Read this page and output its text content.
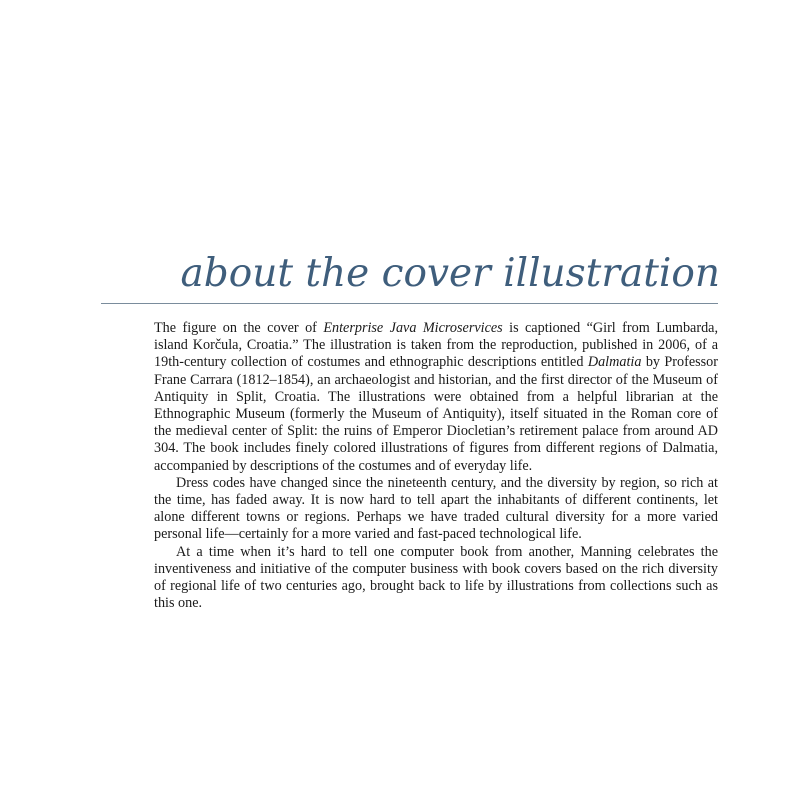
about the cover illustration

The figure on the cover of Enterprise Java Microservices is captioned “Girl from Lumbarda, island Korčula, Croatia.” The illustration is taken from the reproduction, published in 2006, of a 19th-century collection of costumes and ethnographic descriptions entitled Dalmatia by Professor Frane Carrara (1812–1854), an archaeologist and historian, and the first director of the Museum of Antiquity in Split, Croatia. The illustrations were obtained from a helpful librarian at the Ethnographic Museum (formerly the Museum of Antiquity), itself situated in the Roman core of the medieval center of Split: the ruins of Emperor Diocletian’s retirement palace from around AD 304. The book includes finely colored illustrations of figures from different regions of Dalmatia, accompanied by descriptions of the costumes and of everyday life.

Dress codes have changed since the nineteenth century, and the diversity by region, so rich at the time, has faded away. It is now hard to tell apart the inhabitants of different continents, let alone different towns or regions. Perhaps we have traded cultural diversity for a more varied personal life—certainly for a more varied and fast-paced technological life.

At a time when it’s hard to tell one computer book from another, Manning celebrates the inventiveness and initiative of the computer business with book covers based on the rich diversity of regional life of two centuries ago, brought back to life by illustrations from collections such as this one.
